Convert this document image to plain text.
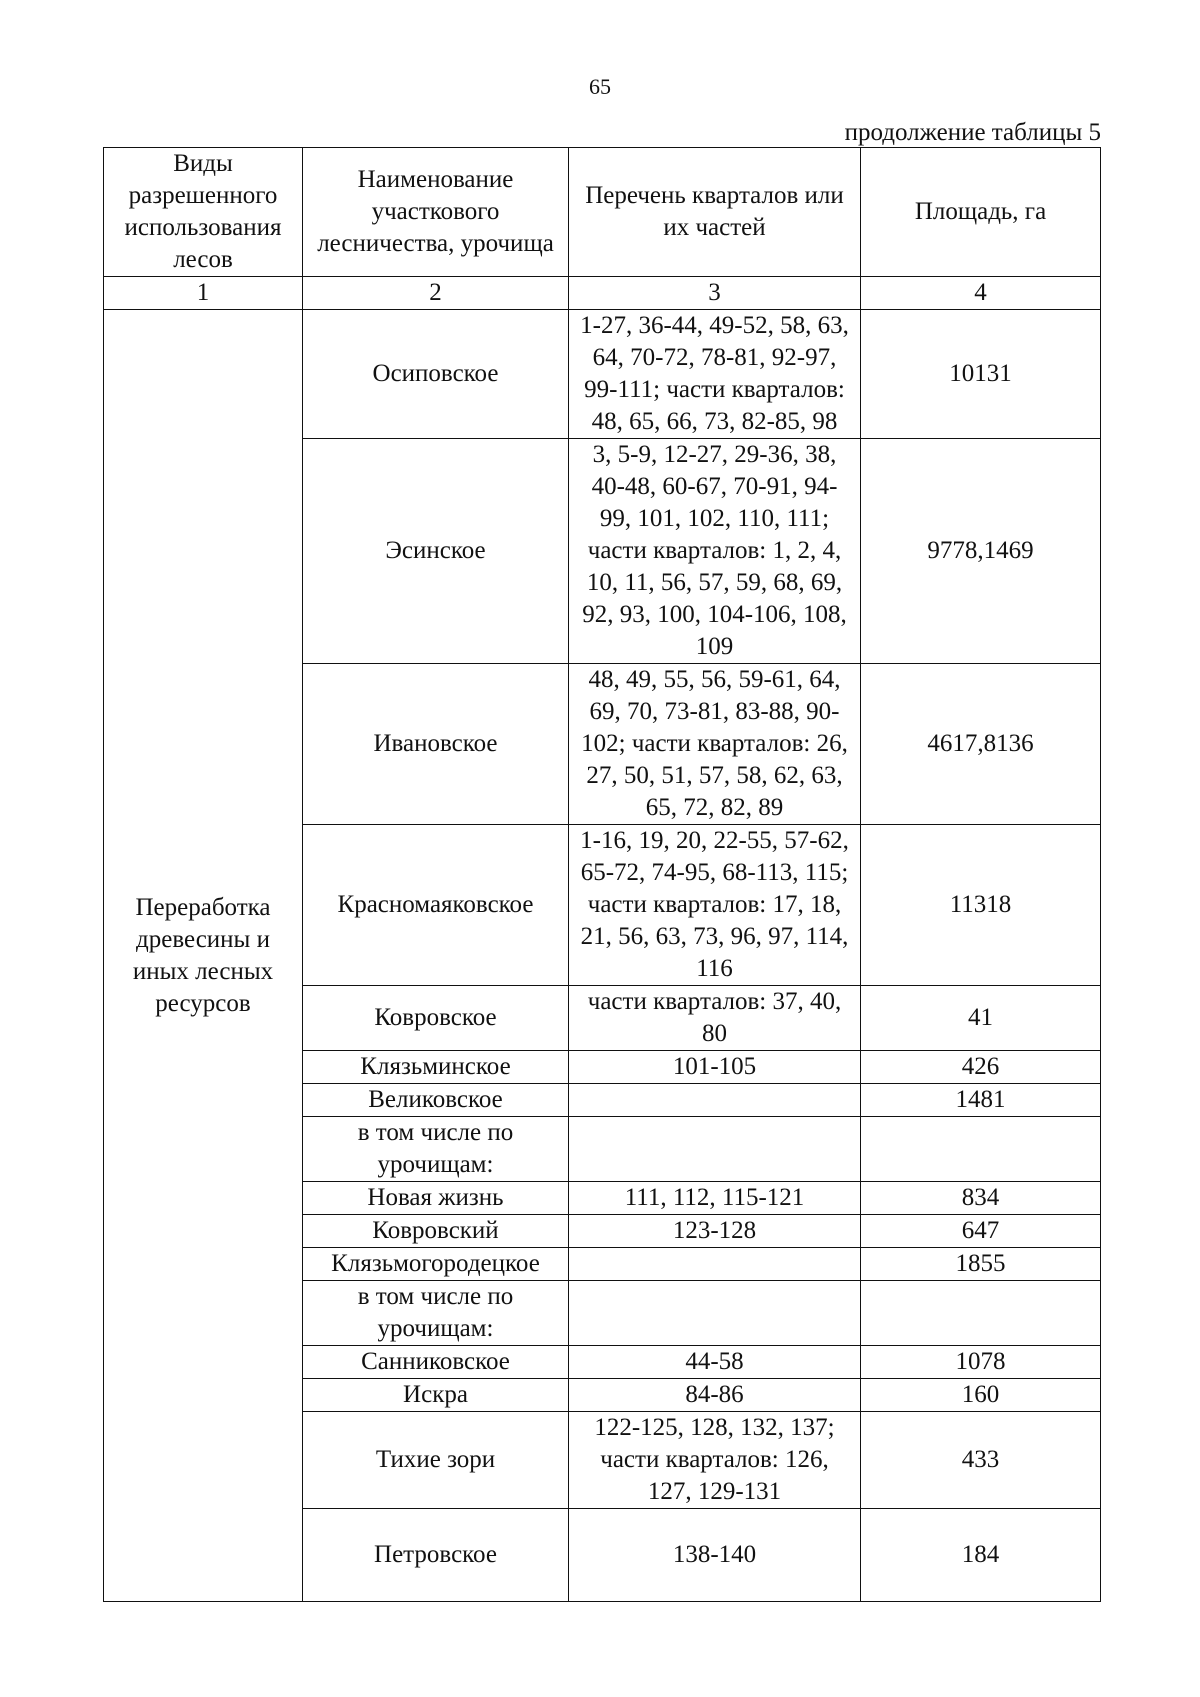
65
продолжение таблицы 5
Виды разрешенного использования лесов	Наименование участкового лесничества, урочища	Перечень кварталов или их частей	Площадь, га
1	2	3	4
Переработка древесины и иных лесных ресурсов	Осиповское	1-27, 36-44, 49-52, 58, 63, 64, 70-72, 78-81, 92-97, 99-111; части кварталов: 48, 65, 66, 73, 82-85, 98	10131
	Эсинское	3, 5-9, 12-27, 29-36, 38, 40-48, 60-67, 70-91, 94-99, 101, 102, 110, 111; части кварталов: 1, 2, 4, 10, 11, 56, 57, 59, 68, 69, 92, 93, 100, 104-106, 108, 109	9778,1469
	Ивановское	48, 49, 55, 56, 59-61, 64, 69, 70, 73-81, 83-88, 90-102; части кварталов: 26, 27, 50, 51, 57, 58, 62, 63, 65, 72, 82, 89	4617,8136
	Красномаяковское	1-16, 19, 20, 22-55, 57-62, 65-72, 74-95, 68-113, 115; части кварталов: 17, 18, 21, 56, 63, 73, 96, 97, 114, 116	11318
	Ковровское	части кварталов: 37, 40, 80	41
	Клязьминское	101-105	426
	Великовское		1481
	в том числе по урочищам:		
	Новая жизнь	111, 112, 115-121	834
	Ковровский	123-128	647
	Клязьмогородецкое		1855
	в том числе по урочищам:		
	Санниковское	44-58	1078
	Искра	84-86	160
	Тихие зори	122-125, 128, 132, 137; части кварталов: 126, 127, 129-131	433
	Петровское	138-140	184
